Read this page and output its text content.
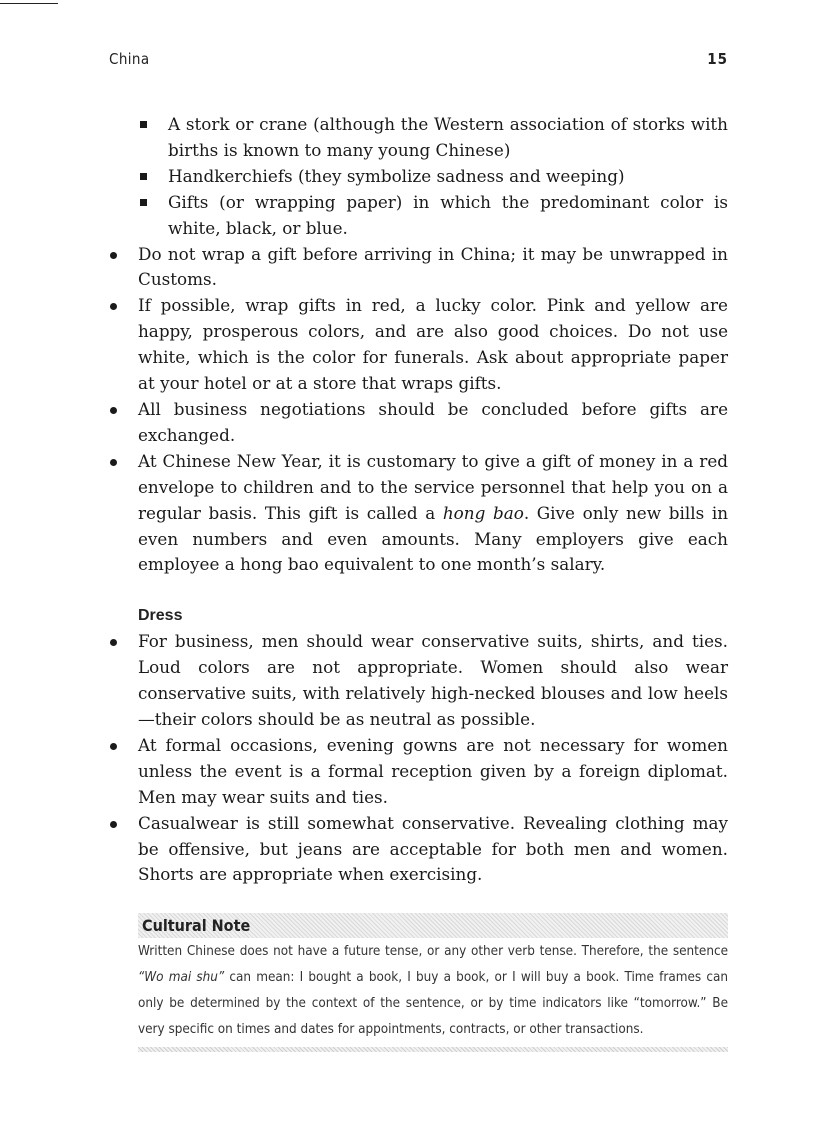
China	15
A stork or crane (although the Western association of storks with births is known to many young Chinese)
Handkerchiefs (they symbolize sadness and weeping)
Gifts (or wrapping paper) in which the predominant color is white, black, or blue.
Do not wrap a gift before arriving in China; it may be unwrapped in Customs.
If possible, wrap gifts in red, a lucky color. Pink and yellow are happy, prosperous colors, and are also good choices. Do not use white, which is the color for funerals. Ask about appropriate paper at your hotel or at a store that wraps gifts.
All business negotiations should be concluded before gifts are exchanged.
At Chinese New Year, it is customary to give a gift of money in a red envelope to children and to the service personnel that help you on a regular basis. This gift is called a hong bao. Give only new bills in even numbers and even amounts. Many employers give each employee a hong bao equivalent to one month’s salary.
Dress
For business, men should wear conservative suits, shirts, and ties. Loud colors are not appropriate. Women should also wear conservative suits, with relatively high-necked blouses and low heels—their colors should be as neutral as possible.
At formal occasions, evening gowns are not necessary for women unless the event is a formal reception given by a foreign diplomat. Men may wear suits and ties.
Casualwear is still somewhat conservative. Revealing clothing may be offensive, but jeans are acceptable for both men and women. Shorts are appropriate when exercising.
Cultural Note
Written Chinese does not have a future tense, or any other verb tense. Therefore, the sentence “Wo mai shu” can mean: I bought a book, I buy a book, or I will buy a book. Time frames can only be determined by the context of the sentence, or by time indicators like “tomorrow.” Be very specific on times and dates for appointments, contracts, or other transactions.
